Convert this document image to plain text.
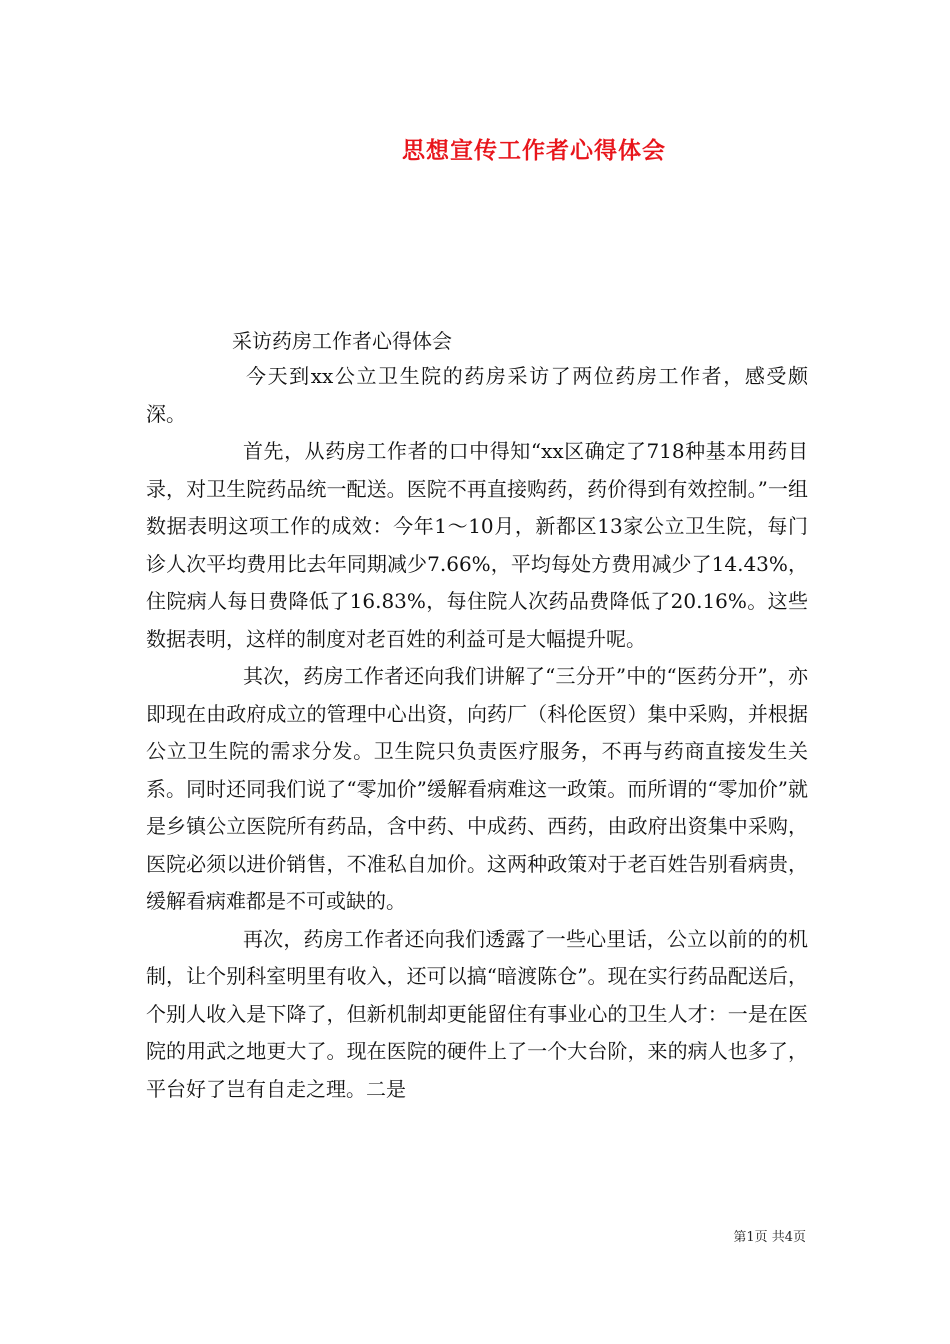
思想宣传工作者心得体会
采访药房工作者心得体会

今天到xx公立卫生院的药房采访了两位药房工作者，感受颇深。

首先，从药房工作者的口中得知“xx区确定了718种基本用药目录，对卫生院药品统一配送。医院不再直接购药，药价得到有效控制。”一组数据表明这项工作的成效：今年1～10月，新都区13家公立卫生院，每门诊人次平均费用比去年同期减少7.66%，平均每处方费用减少了14.43%，住院病人每日费降低了16.83%，每住院人次药品费降低了20.16%。这些数据表明，这样的制度对老百姓的利益可是大幅提升呢。

其次，药房工作者还向我们讲解了“三分开”中的“医药分开”，亦即现在由政府成立的管理中心出资，向药厂（科伦医贸）集中采购，并根据公立卫生院的需求分发。卫生院只负责医疗服务，不再与药商直接发生关系。同时还同我们说了“零加价”缓解看病难这一政策。而所谓的“零加价”就是乡镇公立医院所有药品，含中药、中成药、西药，由政府出资集中采购，医院必须以进价销售，不准私自加价。这两种政策对于老百姓告别看病贵，缓解看病难都是不可或缺的。

再次，药房工作者还向我们透露了一些心里话，公立以前的的机制，让个别科室明里有收入，还可以搞“暗渡陈仓”。现在实行药品配送后，个别人收入是下降了，但新机制却更能留住有事业心的卫生人才：一是在医院的用武之地更大了。现在医院的硬件上了一个大台阶，来的病人也多了，平台好了岂有自走之理。二是

第1页 共4页
